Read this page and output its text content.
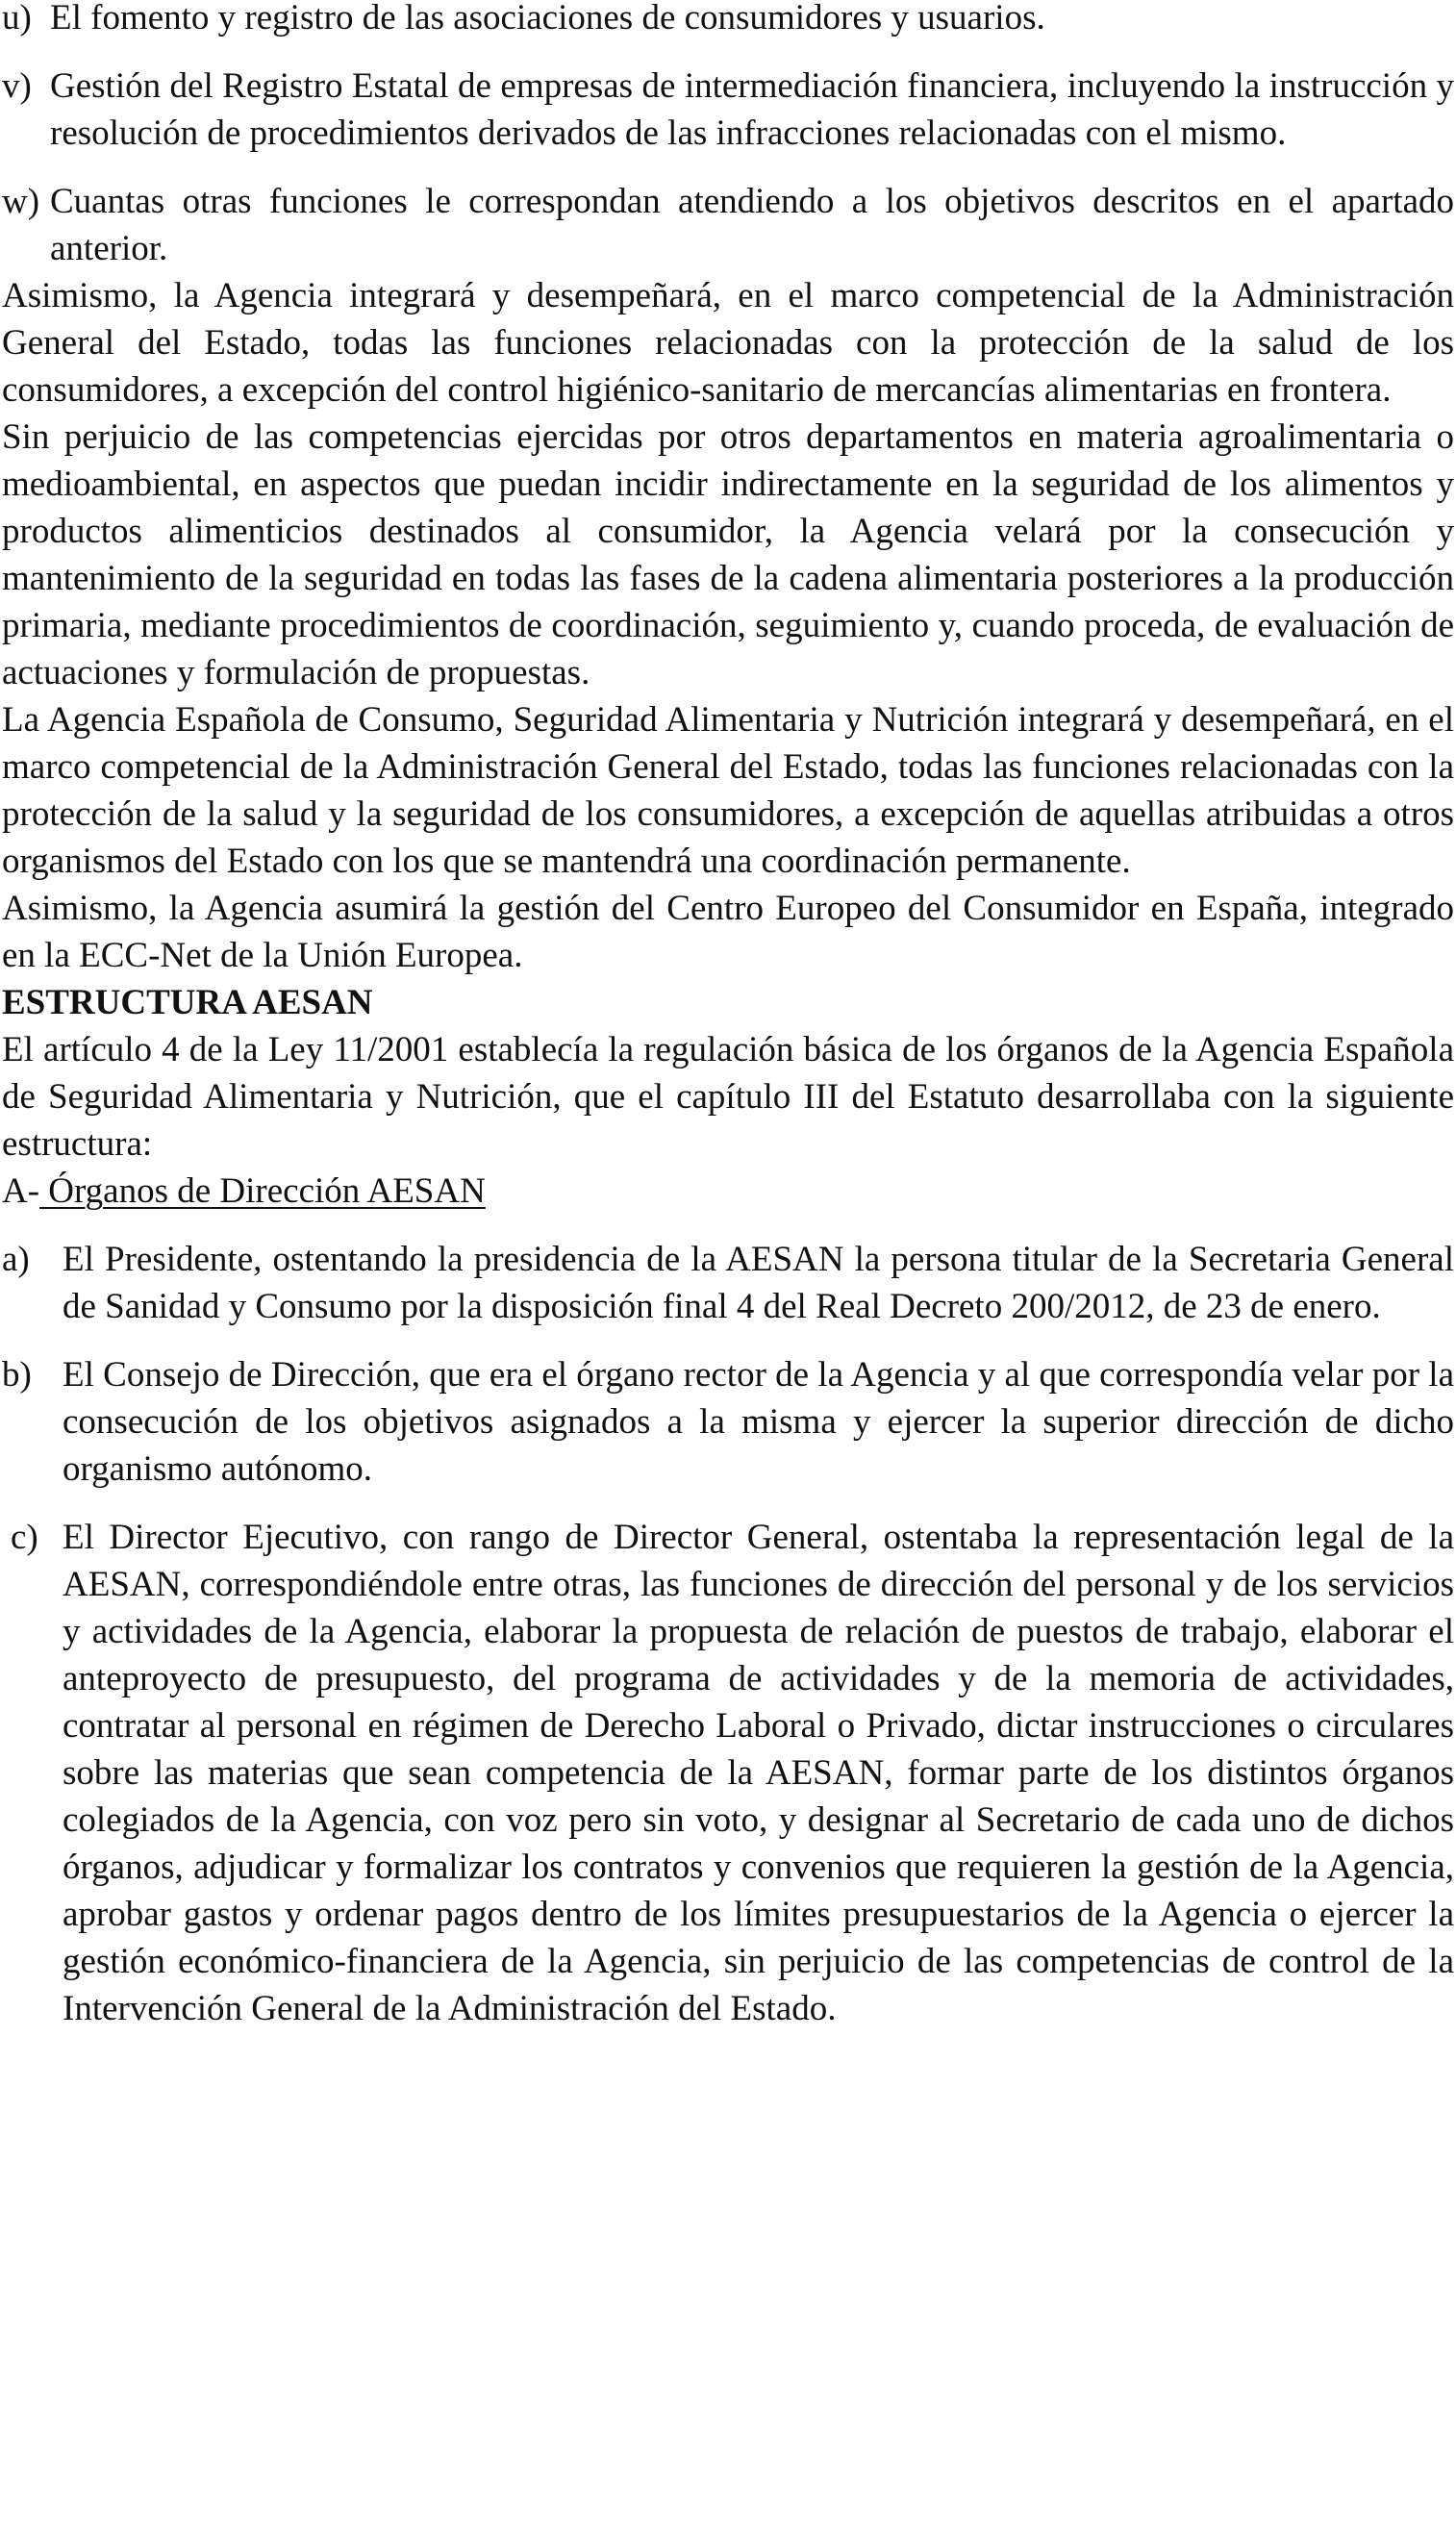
u) El fomento y registro de las asociaciones de consumidores y usuarios.
v) Gestión del Registro Estatal de empresas de intermediación financiera, incluyendo la instrucción y resolución de procedimientos derivados de las infracciones relacionadas con el mismo.
w) Cuantas otras funciones le correspondan atendiendo a los objetivos descritos en el apartado anterior.

Asimismo, la Agencia integrará y desempeñará, en el marco competencial de la Administración General del Estado, todas las funciones relacionadas con la protección de la salud de los consumidores, a excepción del control higiénico-sanitario de mercancías alimentarias en frontera.

Sin perjuicio de las competencias ejercidas por otros departamentos en materia agroalimentaria o medioambiental, en aspectos que puedan incidir indirectamente en la seguridad de los alimentos y productos alimenticios destinados al consumidor, la Agencia velará por la consecución y mantenimiento de la seguridad en todas las fases de la cadena alimentaria posteriores a la producción primaria, mediante procedimientos de coordinación, seguimiento y, cuando proceda, de evaluación de actuaciones y formulación de propuestas.

La Agencia Española de Consumo, Seguridad Alimentaria y Nutrición integrará y desempeñará, en el marco competencial de la Administración General del Estado, todas las funciones relacionadas con la protección de la salud y la seguridad de los consumidores, a excepción de aquellas atribuidas a otros organismos del Estado con los que se mantendrá una coordinación permanente.

Asimismo, la Agencia asumirá la gestión del Centro Europeo del Consumidor en España, integrado en la ECC-Net de la Unión Europea.

ESTRUCTURA AESAN

El artículo 4 de la Ley 11/2001 establecía la regulación básica de los órganos de la Agencia Española de Seguridad Alimentaria y Nutrición, que el capítulo III del Estatuto desarrollaba con la siguiente estructura:

A- Órganos de Dirección AESAN

a) El Presidente, ostentando la presidencia de la AESAN la persona titular de la Secretaria General de Sanidad y Consumo por la disposición final 4 del Real Decreto 200/2012, de 23 de enero.
b) El Consejo de Dirección, que era el órgano rector de la Agencia y al que correspondía velar por la consecución de los objetivos asignados a la misma y ejercer la superior dirección de dicho organismo autónomo.
c) El Director Ejecutivo, con rango de Director General, ostentaba la representación legal de la AESAN, correspondiéndole entre otras, las funciones de dirección del personal y de los servicios y actividades de la Agencia, elaborar la propuesta de relación de puestos de trabajo, elaborar el anteproyecto de presupuesto, del programa de actividades y de la memoria de actividades, contratar al personal en régimen de Derecho Laboral o Privado, dictar instrucciones o circulares sobre las materias que sean competencia de la AESAN, formar parte de los distintos órganos colegiados de la Agencia, con voz pero sin voto, y designar al Secretario de cada uno de dichos órganos, adjudicar y formalizar los contratos y convenios que requieren la gestión de la Agencia, aprobar gastos y ordenar pagos dentro de los límites presupuestarios de la Agencia o ejercer la gestión económico-financiera de la Agencia, sin perjuicio de las competencias de control de la Intervención General de la Administración del Estado.
